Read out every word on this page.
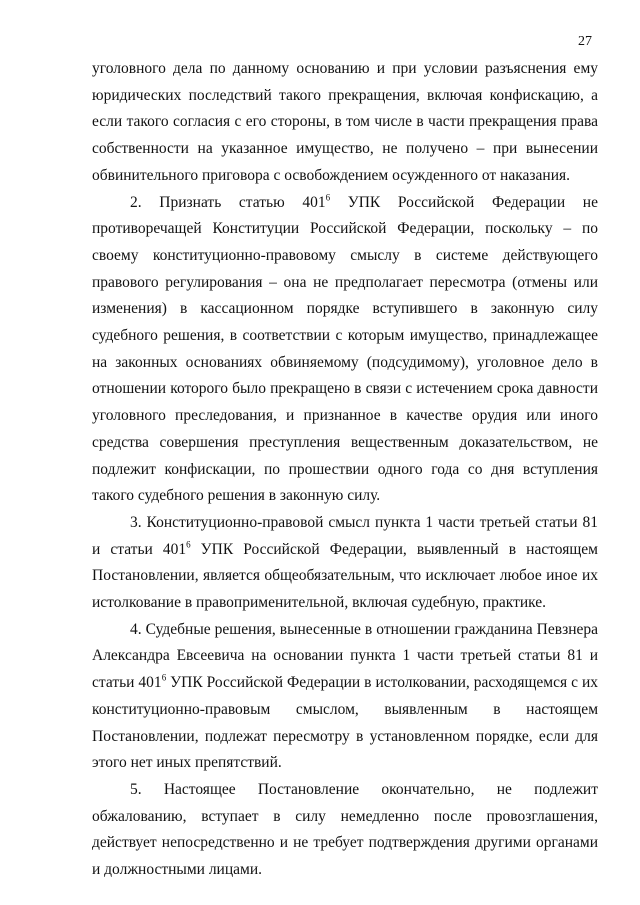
27

уголовного дела по данному основанию и при условии разъяснения ему юридических последствий такого прекращения, включая конфискацию, а если такого согласия с его стороны, в том числе в части прекращения права собственности на указанное имущество, не получено – при вынесении обвинительного приговора с освобождением осужденного от наказания.

2. Признать статью $401^6$ УПК Российской Федерации не противоречащей Конституции Российской Федерации, поскольку – по своему конституционно-правовому смыслу в системе действующего правового регулирования – она не предполагает пересмотра (отмены или изменения) в кассационном порядке вступившего в законную силу судебного решения, в соответствии с которым имущество, принадлежащее на законных основаниях обвиняемому (подсудимому), уголовное дело в отношении которого было прекращено в связи с истечением срока давности уголовного преследования, и признанное в качестве орудия или иного средства совершения преступления вещественным доказательством, не подлежит конфискации, по прошествии одного года со дня вступления такого судебного решения в законную силу.

3. Конституционно-правовой смысл пункта 1 части третьей статьи 81 и статьи $401^6$ УПК Российской Федерации, выявленный в настоящем Постановлении, является общеобязательным, что исключает любое иное их истолкование в правоприменительной, включая судебную, практике.

4. Судебные решения, вынесенные в отношении гражданина Певзнера Александра Евсеевича на основании пункта 1 части третьей статьи 81 и статьи $401^6$ УПК Российской Федерации в истолковании, расходящемся с их конституционно-правовым смыслом, выявленным в настоящем Постановлении, подлежат пересмотру в установленном порядке, если для этого нет иных препятствий.

5. Настоящее Постановление окончательно, не подлежит обжалованию, вступает в силу немедленно после провозглашения, действует непосредственно и не требует подтверждения другими органами и должностными лицами.
